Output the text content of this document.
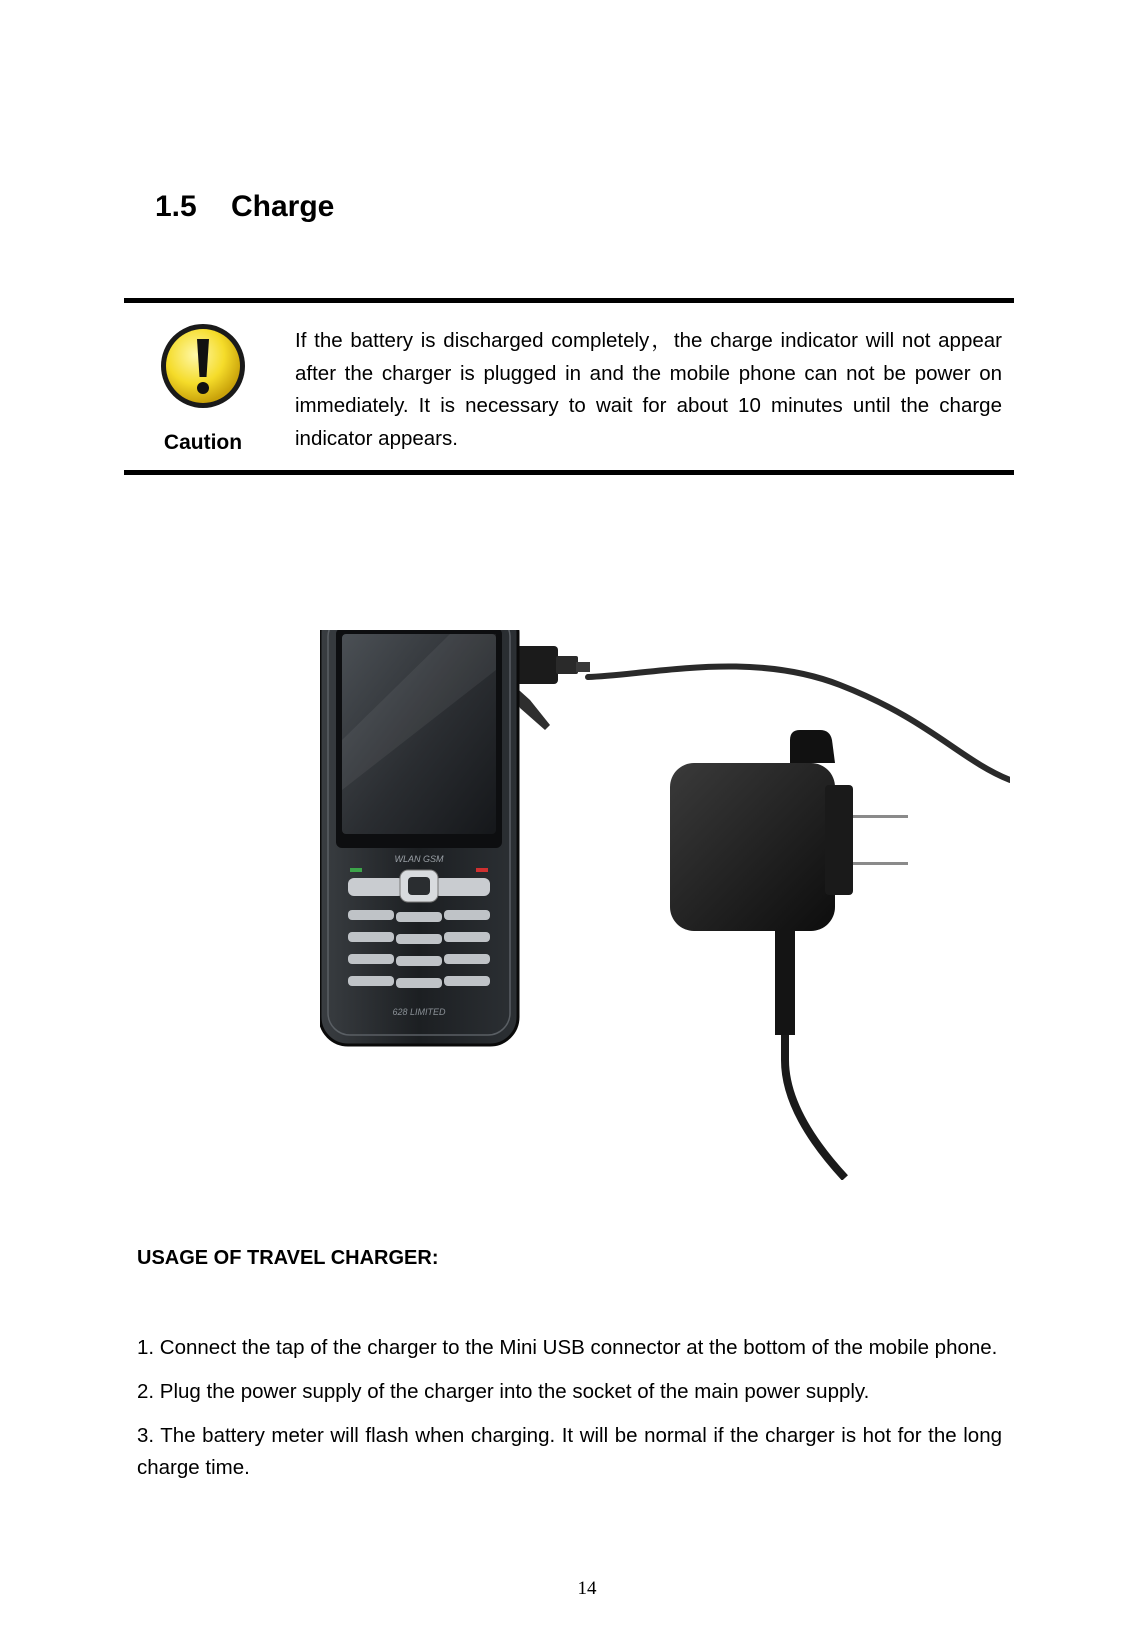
1.5 Charge
Caution

If the battery is discharged completely，the charge indicator will not appear after the charger is plugged in and the mobile phone can not be power on immediately. It is necessary to wait for about 10 minutes until the charge indicator appears.

WLAN GSM
628 LIMITED
USAGE OF TRAVEL CHARGER:
1. Connect the tap of the charger to the Mini USB connector at the bottom of the mobile phone.
2. Plug the power supply of the charger into the socket of the main power supply.
3. The battery meter will flash when charging. It will be normal if the charger is hot for the long charge time.
14
